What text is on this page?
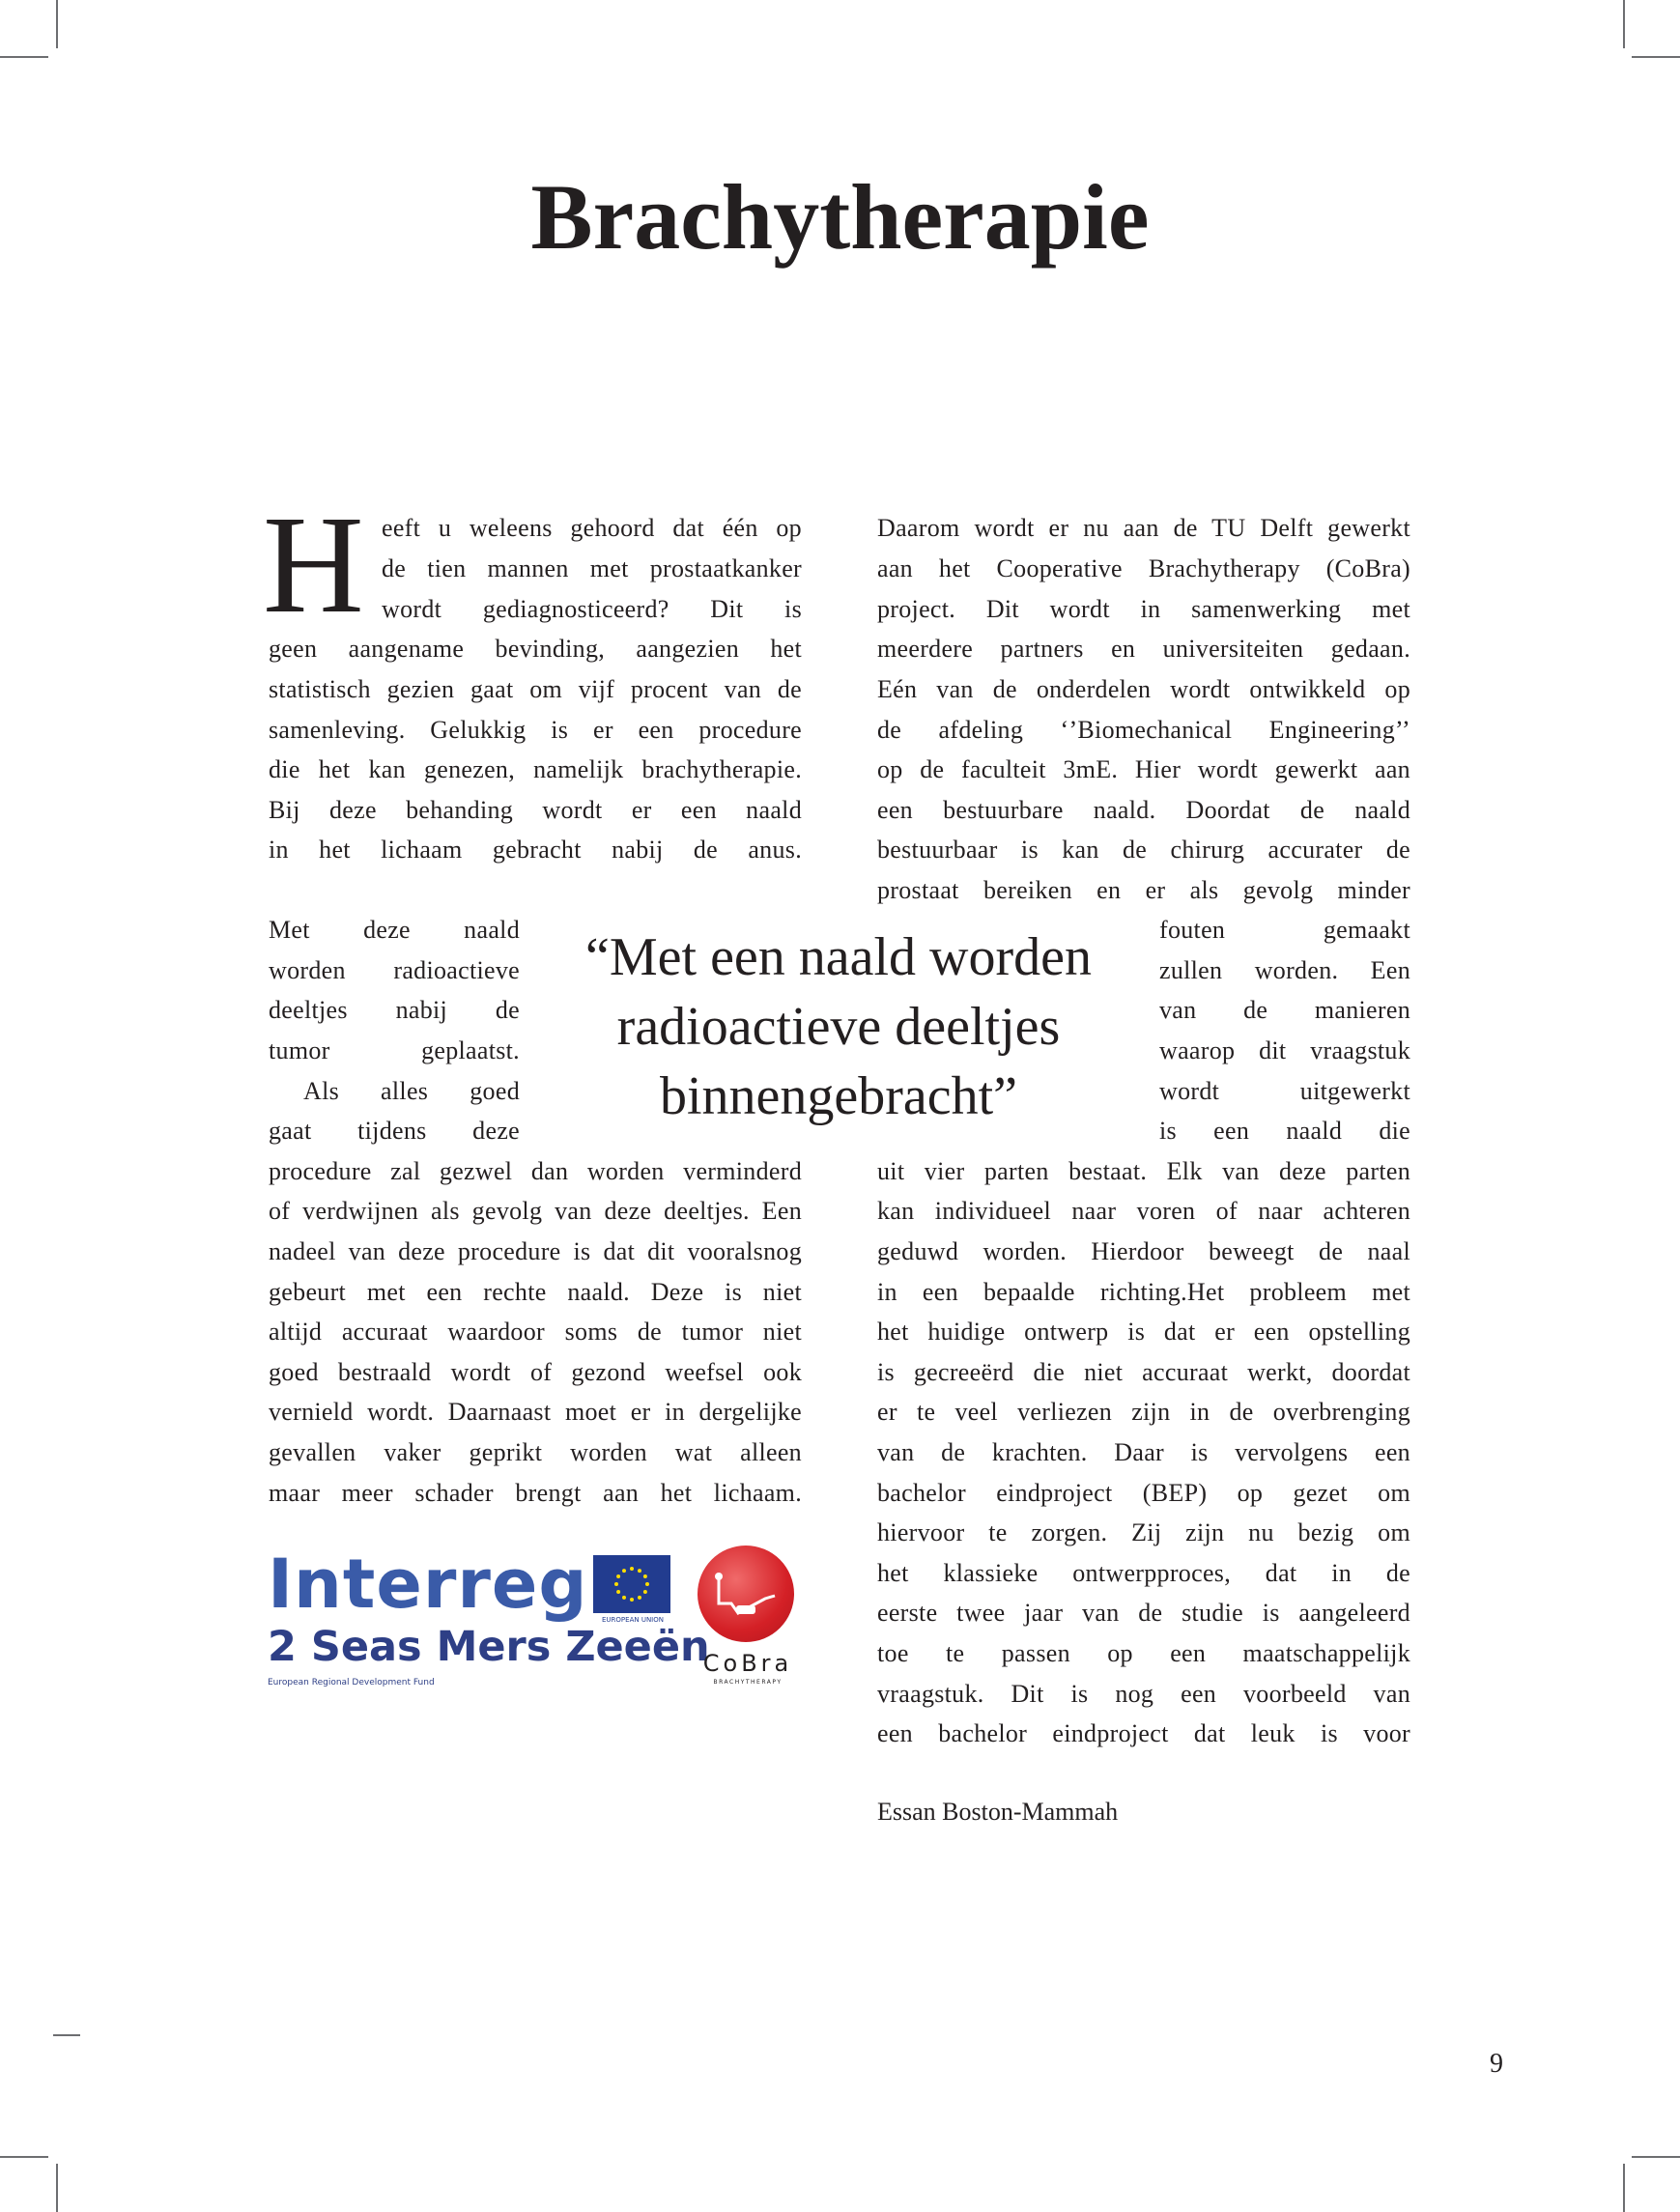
Brachytherapie
H eeft u weleens gehoord dat één op
de tien mannen met prostaatkanker
wordt gediagnosticeerd? Dit is
geen aangename bevinding, aangezien het
statistisch gezien gaat om vijf procent van de
samenleving. Gelukkig is er een procedure
die het kan genezen, namelijk brachytherapie.
Bij deze behanding wordt er een naald
in het lichaam gebracht nabij de anus.
Met deze naald
worden radioactieve
deeltjes nabij de
tumor geplaatst.
Als alles goed
gaat tijdens deze
procedure zal gezwel dan worden verminderd
of verdwijnen als gevolg van deze deeltjes. Een
nadeel van deze procedure is dat dit vooralsnog
gebeurt met een rechte naald. Deze is niet
altijd accuraat waardoor soms de tumor niet
goed bestraald wordt of gezond weefsel ook
vernield wordt. Daarnaast moet er in dergelijke
gevallen vaker geprikt worden wat alleen
maar meer schader brengt aan het lichaam.
“Met een naald worden
radioactieve deeltjes
binnengebracht”
Daarom wordt er nu aan de TU Delft gewerkt
aan het Cooperative Brachytherapy (CoBra)
project. Dit wordt in samenwerking met
meerdere partners en universiteiten gedaan.
Eén van de onderdelen wordt ontwikkeld op
de afdeling ‘’Biomechanical Engineering’’
op de faculteit 3mE. Hier wordt gewerkt aan
een bestuurbare naald. Doordat de naald
bestuurbaar is kan de chirurg accurater de
prostaat bereiken en er als gevolg minder
fouten gemaakt
zullen worden. Een
van de manieren
waarop dit vraagstuk
wordt uitgewerkt
is een naald die
uit vier parten bestaat. Elk van deze parten
kan individueel naar voren of naar achteren
geduwd worden. Hierdoor beweegt de naal
in een bepaalde richting.Het probleem met
het huidige ontwerp is dat er een opstelling
is gecreeërd die niet accuraat werkt, doordat
er te veel verliezen zijn in de overbrenging
van de krachten. Daar is vervolgens een
bachelor eindproject (BEP) op gezet om
hiervoor te zorgen. Zij zijn nu bezig om
het klassieke ontwerpproces, dat in de
eerste twee jaar van de studie is aangeleerd
toe te passen op een maatschappelijk
vraagstuk. Dit is nog een voorbeeld van
een bachelor eindproject dat leuk is voor
Interreg
2 Seas Mers Zeeën
European Regional Development Fund
EUROPEAN UNION
CoBra
BRACHYTHERAPY
Essan Boston-Mammah
9
